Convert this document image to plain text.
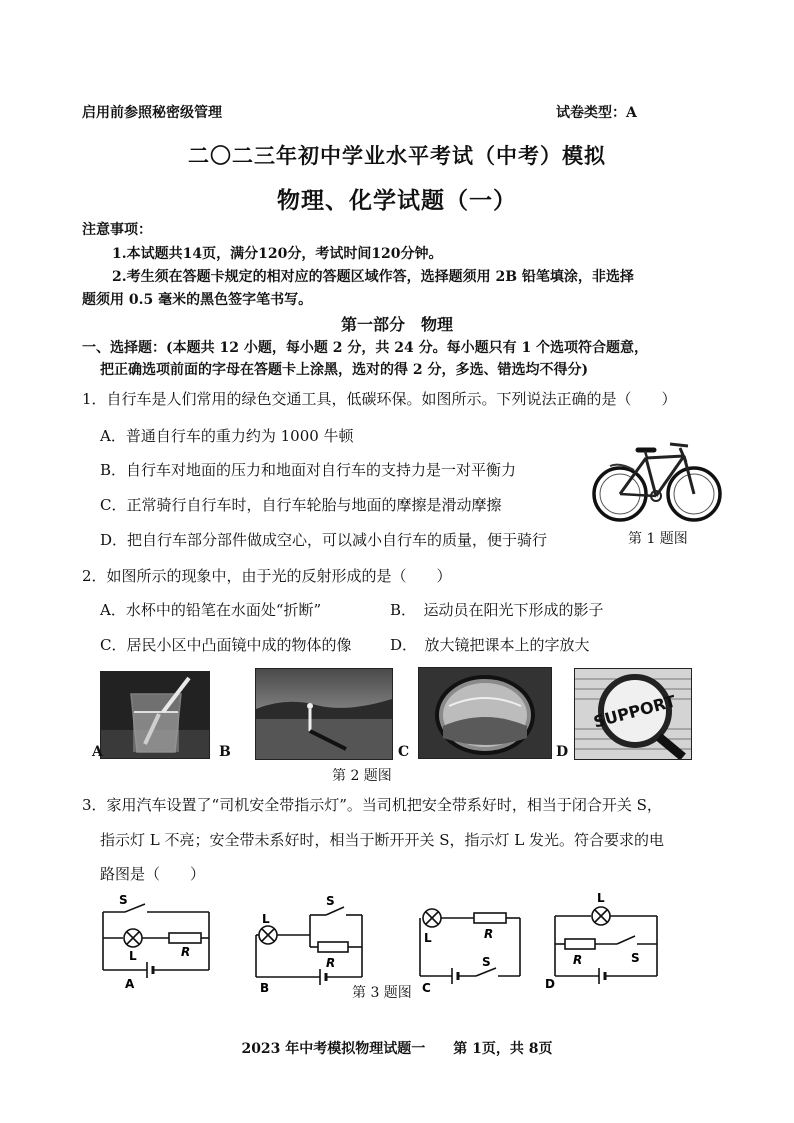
启用前参照秘密级管理	试卷类型：A
二〇二三年初中学业水平考试（中考）模拟
物理、化学试题（一）
注意事项：
1.本试题共14页，满分120分，考试时间120分钟。
2.考生须在答题卡规定的相对应的答题区域作答，选择题须用 2B 铅笔填涂，非选择
题须用 0.5 毫米的黑色签字笔书写。
第一部分　物理
一、选择题：(本题共 12 小题，每小题 2 分，共 24 分。每小题只有 1 个选项符合题意，
把正确选项前面的字母在答题卡上涂黑，选对的得 2 分，多选、错选均不得分)
1．自行车是人们常用的绿色交通工具，低碳环保。如图所示。下列说法正确的是（　　）
A．普通自行车的重力约为 1000 牛顿
B．自行车对地面的压力和地面对自行车的支持力是一对平衡力
C．正常骑行自行车时，自行车轮胎与地面的摩擦是滑动摩擦
D．把自行车部分部件做成空心，可以减小自行车的质量，便于骑行	第 1 题图
2．如图所示的现象中，由于光的反射形成的是（　　）
A．水杯中的铅笔在水面处“折断”	B．　运动员在阳光下形成的影子
C．居民小区中凸面镜中成的物体的像	D．　放大镜把课本上的字放大
A	B	C
SUPPORT
D
第 2 题图
3．家用汽车设置了“司机安全带指示灯”。当司机把安全带系好时，相当于闭合开关 S，
指示灯 L 不亮；安全带未系好时，相当于断开开关 S，指示灯 L 发光。符合要求的电
路图是（　　）
S
L	R
A
L
S
R
B
L	R
S
C
L
R	S
D
第 3 题图
2023 年中考模拟物理试题一　　第 1页，共 8页
